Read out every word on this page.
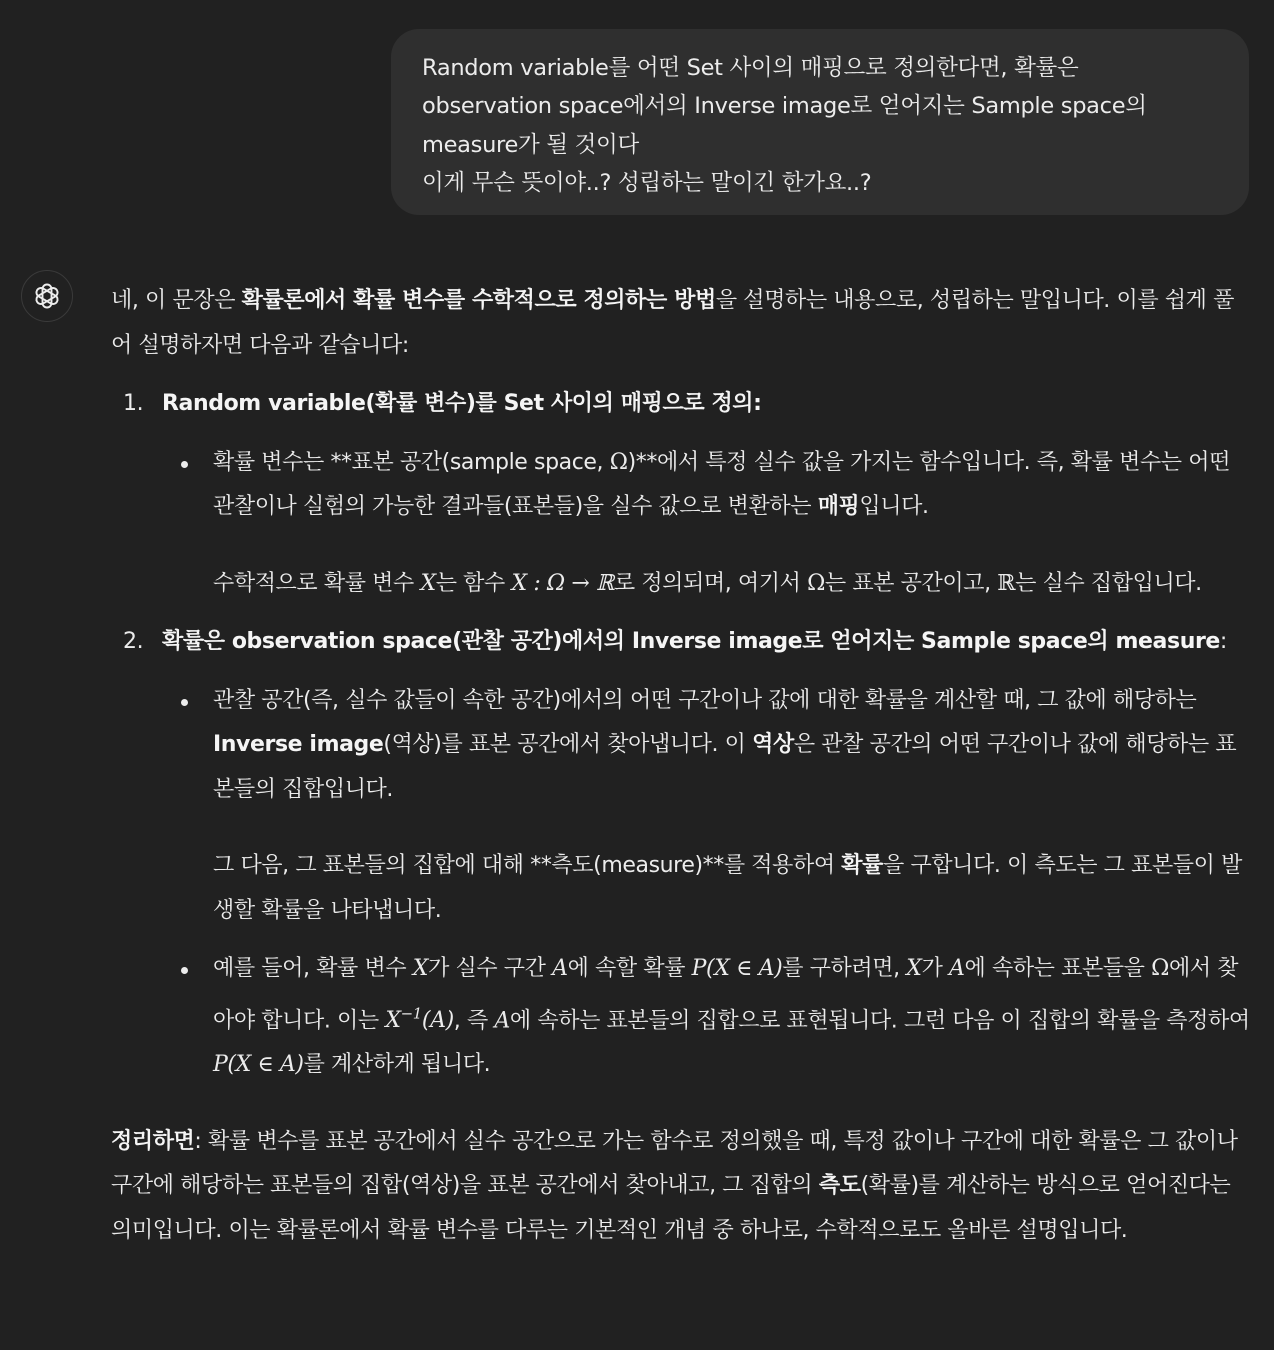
Random variable를 어떤 Set 사이의 매핑으로 정의한다면, 확률은
observation space에서의 Inverse image로 얻어지는 Sample space의
measure가 될 것이다
이게 무슨 뜻이야..? 성립하는 말이긴 한가요..?

네, 이 문장은 확률론에서 확률 변수를 수학적으로 정의하는 방법을 설명하는 내용으로, 성립하는 말입니다. 이를 쉽게 풀어 설명하자면 다음과 같습니다:

1. Random variable(확률 변수)를 Set 사이의 매핑으로 정의:

확률 변수는 **표본 공간(sample space, Ω)**에서 특정 실수 값을 가지는 함수입니다. 즉, 확률 변수는 어떤 관찰이나 실험의 가능한 결과들(표본들)을 실수 값으로 변환하는 매핑입니다.

수학적으로 확률 변수 X는 함수 X : Ω → ℝ로 정의되며, 여기서 Ω는 표본 공간이고, ℝ는 실수 집합입니다.

2. 확률은 observation space(관찰 공간)에서의 Inverse image로 얻어지는 Sample space의 measure:

관찰 공간(즉, 실수 값들이 속한 공간)에서의 어떤 구간이나 값에 대한 확률을 계산할 때, 그 값에 해당하는 Inverse image(역상)를 표본 공간에서 찾아냅니다. 이 역상은 관찰 공간의 어떤 구간이나 값에 해당하는 표본들의 집합입니다.

그 다음, 그 표본들의 집합에 대해 **측도(measure)**를 적용하여 확률을 구합니다. 이 측도는 그 표본들이 발생할 확률을 나타냅니다.

예를 들어, 확률 변수 X가 실수 구간 A에 속할 확률 P(X ∈ A)를 구하려면, X가 A에 속하는 표본들을 Ω에서 찾아야 합니다. 이는 $X^{-1}(A)$, 즉 A에 속하는 표본들의 집합으로 표현됩니다. 그런 다음 이 집합의 확률을 측정하여 P(X ∈ A)를 계산하게 됩니다.

정리하면: 확률 변수를 표본 공간에서 실수 공간으로 가는 함수로 정의했을 때, 특정 값이나 구간에 대한 확률은 그 값이나 구간에 해당하는 표본들의 집합(역상)을 표본 공간에서 찾아내고, 그 집합의 측도(확률)를 계산하는 방식으로 얻어진다는 의미입니다. 이는 확률론에서 확률 변수를 다루는 기본적인 개념 중 하나로, 수학적으로도 올바른 설명입니다.
